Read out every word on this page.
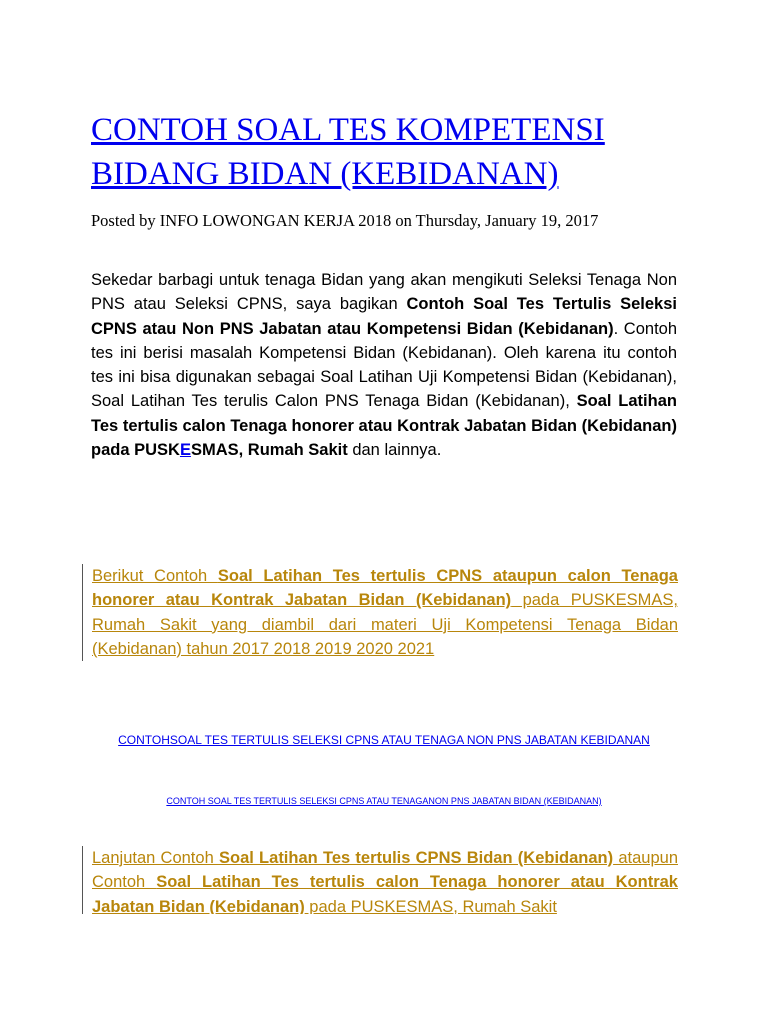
CONTOH SOAL TES KOMPETENSI BIDANG BIDAN (KEBIDANAN)
Posted by INFO LOWONGAN KERJA 2018 on Thursday, January 19, 2017

Sekedar barbagi untuk tenaga Bidan yang akan mengikuti Seleksi Tenaga Non PNS atau Seleksi CPNS, saya bagikan Contoh Soal Tes Tertulis Seleksi CPNS atau Non PNS Jabatan atau Kompetensi Bidan (Kebidanan). Contoh tes ini berisi masalah Kompetensi Bidan (Kebidanan). Oleh karena itu contoh tes ini bisa digunakan sebagai Soal Latihan Uji Kompetensi Bidan (Kebidanan), Soal Latihan Tes terulis Calon PNS Tenaga Bidan (Kebidanan), Soal Latihan Tes tertulis calon Tenaga honorer atau Kontrak Jabatan Bidan (Kebidanan) pada PUSKESMAS, Rumah Sakit dan lainnya.

Berikut Contoh Soal Latihan Tes tertulis CPNS ataupun calon Tenaga honorer atau Kontrak Jabatan Bidan (Kebidanan) pada PUSKESMAS, Rumah Sakit yang diambil dari materi Uji Kompetensi Tenaga Bidan (Kebidanan) tahun 2017 2018 2019 2020 2021

CONTOHSOAL TES TERTULIS SELEKSI CPNS ATAU TENAGA NON PNS JABATAN KEBIDANAN
CONTOH SOAL TES TERTULIS SELEKSI CPNS ATAU TENAGANON PNS JABATAN BIDAN (KEBIDANAN)

Lanjutan Contoh Soal Latihan Tes tertulis CPNS Bidan (Kebidanan) ataupun Contoh Soal Latihan Tes tertulis calon Tenaga honorer atau Kontrak Jabatan Bidan (Kebidanan) pada PUSKESMAS, Rumah Sakit
